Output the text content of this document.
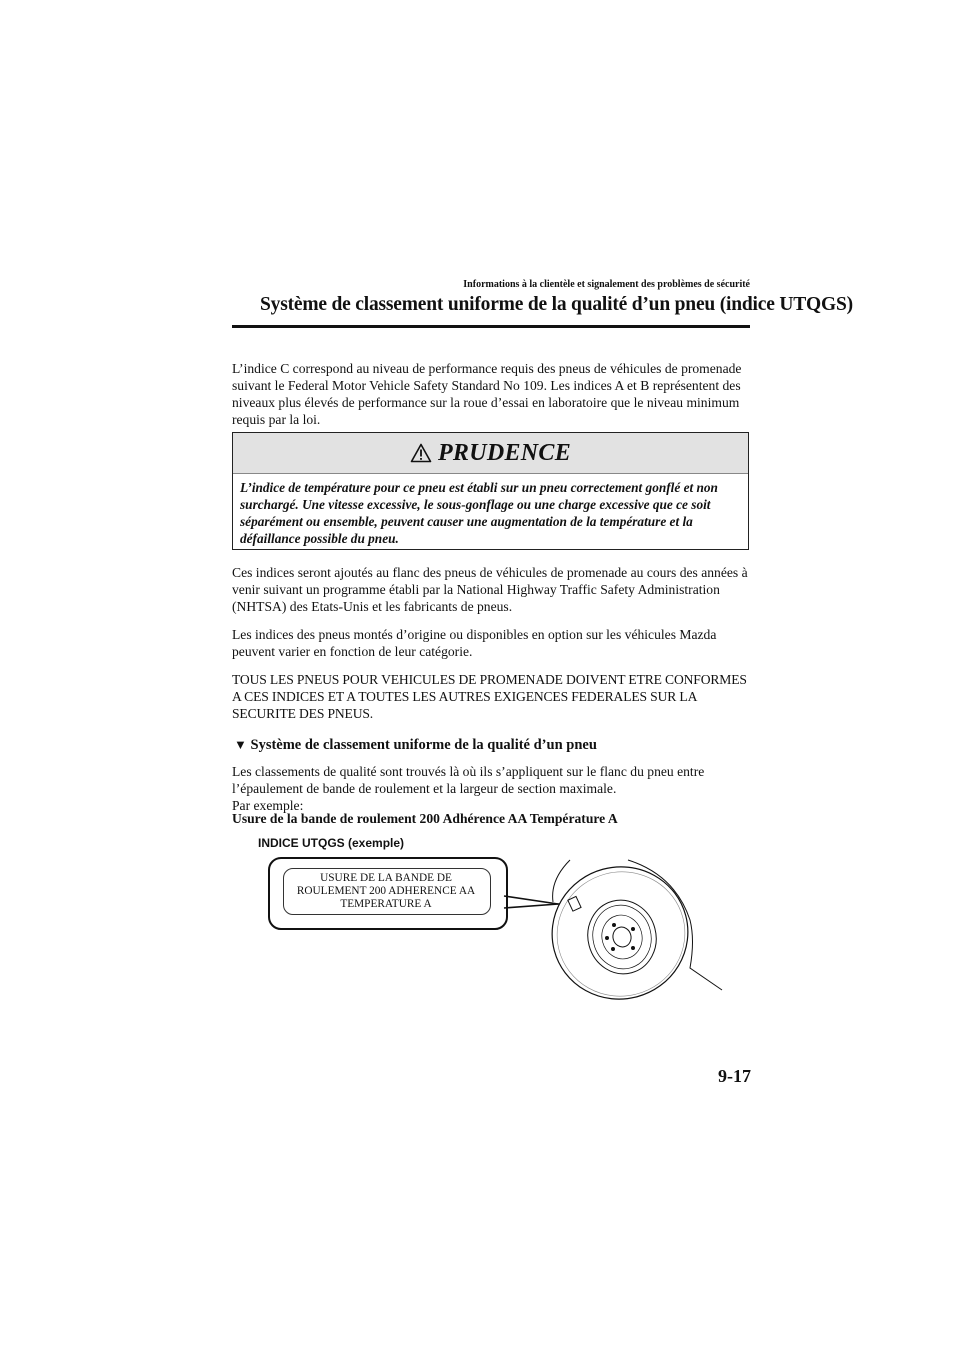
Informations à la clientèle et signalement des problèmes de sécurité
Système de classement uniforme de la qualité d’un pneu (indice UTQGS)

L’indice C correspond au niveau de performance requis des pneus de véhicules de promenade suivant le Federal Motor Vehicle Safety Standard No 109. Les indices A et B représentent des niveaux plus élevés de performance sur la roue d’essai en laboratoire que le niveau minimum requis par la loi.

PRUDENCE
L’indice de température pour ce pneu est établi sur un pneu correctement gonflé et non surchargé. Une vitesse excessive, le sous-gonflage ou une charge excessive que ce soit séparément ou ensemble, peuvent causer une augmentation de la température et la défaillance possible du pneu.

Ces indices seront ajoutés au flanc des pneus de véhicules de promenade au cours des années à venir suivant un programme établi par la National Highway Traffic Safety Administration (NHTSA) des Etats-Unis et les fabricants de pneus.

Les indices des pneus montés d’origine ou disponibles en option sur les véhicules Mazda peuvent varier en fonction de leur catégorie.

TOUS LES PNEUS POUR VEHICULES DE PROMENADE DOIVENT ETRE CONFORMES A CES INDICES ET A TOUTES LES AUTRES EXIGENCES FEDERALES SUR LA SECURITE DES PNEUS.

▼ Système de classement uniforme de la qualité d’un pneu

Les classements de qualité sont trouvés là où ils s’appliquent sur le flanc du pneu entre l’épaulement de bande de roulement et la largeur de section maximale.

Par exemple:

Usure de la bande de roulement 200 Adhérence AA Température A

INDICE UTQGS (exemple)
USURE DE LA BANDE DE
ROULEMENT 200 ADHERENCE AA
TEMPERATURE A
9-17
